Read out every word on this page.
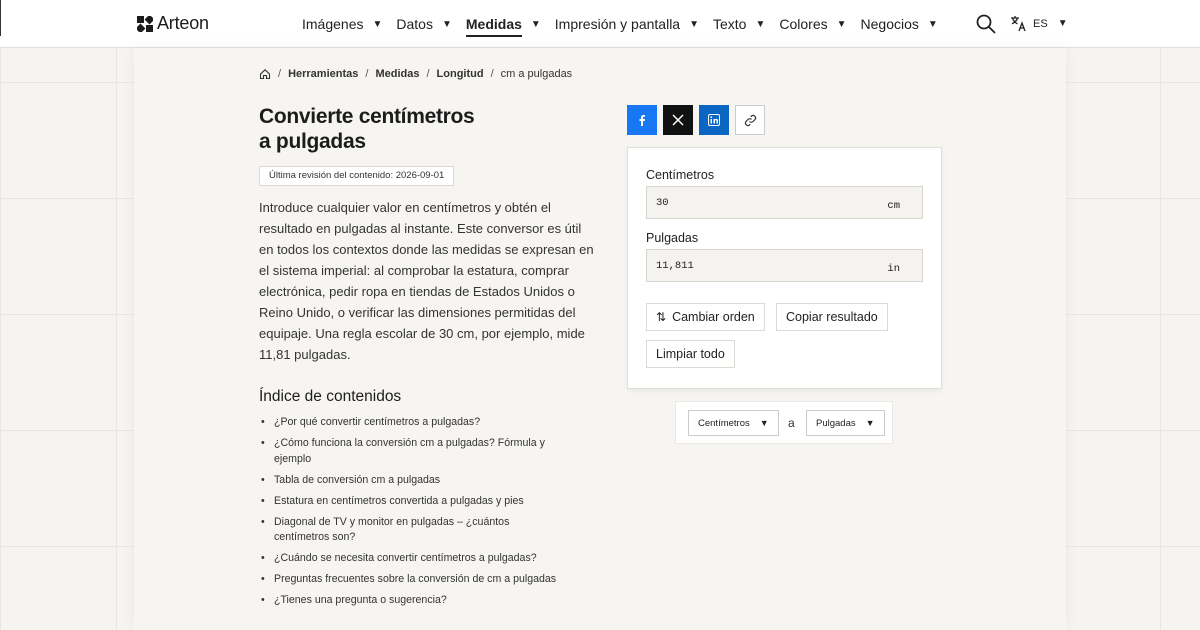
Arteon	Imágenes ▼ Datos ▼ Medidas ▼ Impresión y pantalla ▼ Texto ▼ Colores ▼ Negocios ▼	ES ▼
/ Herramientas / Medidas / Longitud / cm a pulgadas
Convierte centímetros
a pulgadas
Última revisión del contenido: 2026-09-01

Introduce cualquier valor en centímetros y obtén el resultado en pulgadas al instante. Este conversor es útil en todos los contextos donde las medidas se expresan en el sistema imperial: al comprobar la estatura, comprar electrónica, pedir ropa en tiendas de Estados Unidos o Reino Unido, o verificar las dimensiones permitidas del equipaje. Una regla escolar de 30 cm, por ejemplo, mide 11,81 pulgadas.

Índice de contenidos
• ¿Por qué convertir centímetros a pulgadas?
• ¿Cómo funciona la conversión cm a pulgadas? Fórmula y ejemplo
• Tabla de conversión cm a pulgadas
• Estatura en centímetros convertida a pulgadas y pies
• Diagonal de TV y monitor en pulgadas – ¿cuántos centímetros son?
• ¿Cuándo se necesita convertir centímetros a pulgadas?
• Preguntas frecuentes sobre la conversión de cm a pulgadas
• ¿Tienes una pregunta o sugerencia?
Centímetros
30
cm
Pulgadas
11,811
in
⇅ Cambiar orden	Copiar resultado
Limpiar todo
Centímetros ▼ a Pulgadas ▼
